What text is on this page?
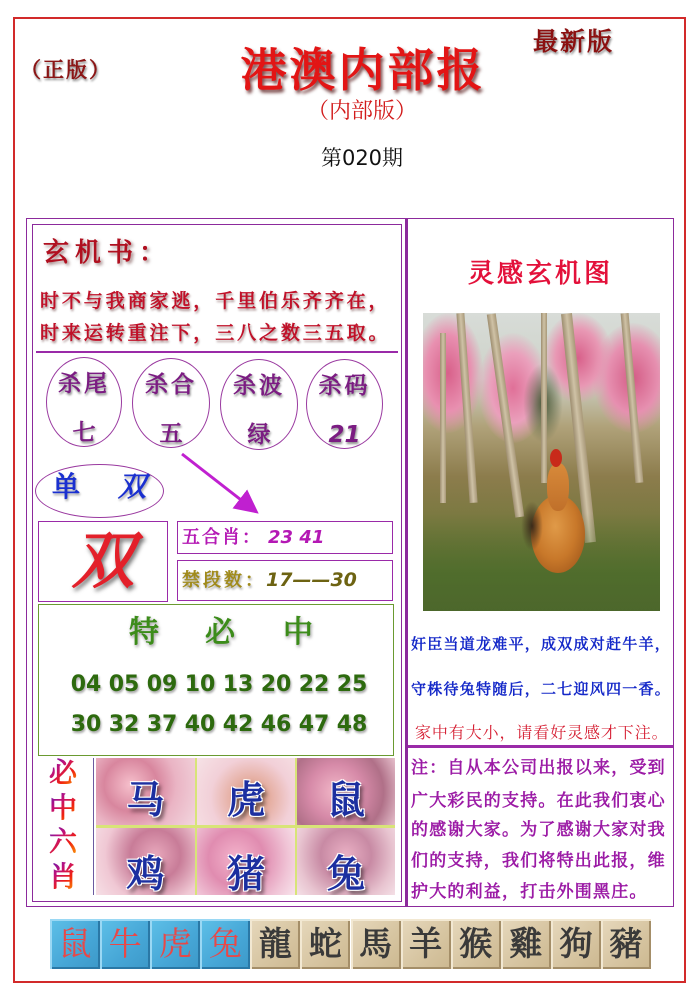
（正版）	港澳内部报
最新版
（内部版）
第020期
玄机书：
时不与我商家逃，千里伯乐齐齐在，
时来运转重注下，三八之数三五取。
杀尾
七
杀合
五
杀波
绿
杀码
21
单 双
双	五合肖： 23 41
禁段数：17——30
特 必 中
04 05 09 10 13 20 22 25
30 32 37 40 42 46 47 48
必
中
六
肖
马	虎	鼠
鸡	猪	兔
灵感玄机图
奸臣当道龙难平，成双成对赶牛羊，
守株待兔特随后，二七迎风四一香。
家中有大小，请看好灵感才下注。
注：自从本公司出报以来，受到
广大彩民的支持。在此我们衷心
的感谢大家。为了感谢大家对我
们的支持，我们将特出此报，维
护大的利益，打击外围黑庄。
鼠 牛 虎 兔 龍 蛇 馬 羊 猴 雞 狗 豬
